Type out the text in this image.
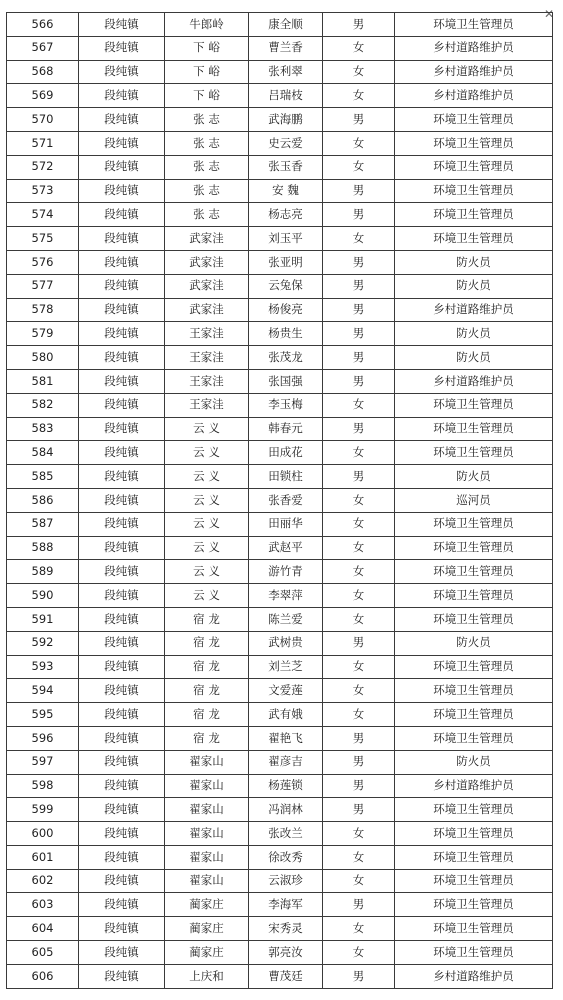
✕
566	段纯镇	牛郎岭	康全顺	男	环境卫生管理员
567	段纯镇	下 峪	曹兰香	女	乡村道路维护员
568	段纯镇	下 峪	张利翠	女	乡村道路维护员
569	段纯镇	下 峪	吕瑞枝	女	乡村道路维护员
570	段纯镇	张 志	武海鹏	男	环境卫生管理员
571	段纯镇	张 志	史云爱	女	环境卫生管理员
572	段纯镇	张 志	张玉香	女	环境卫生管理员
573	段纯镇	张 志	安 魏	男	环境卫生管理员
574	段纯镇	张 志	杨志亮	男	环境卫生管理员
575	段纯镇	武家洼	刘玉平	女	环境卫生管理员
576	段纯镇	武家洼	张亚明	男	防火员
577	段纯镇	武家洼	云兔保	男	防火员
578	段纯镇	武家洼	杨俊亮	男	乡村道路维护员
579	段纯镇	王家洼	杨贵生	男	防火员
580	段纯镇	王家洼	张茂龙	男	防火员
581	段纯镇	王家洼	张国强	男	乡村道路维护员
582	段纯镇	王家洼	李玉梅	女	环境卫生管理员
583	段纯镇	云 义	韩春元	男	环境卫生管理员
584	段纯镇	云 义	田成花	女	环境卫生管理员
585	段纯镇	云 义	田锁柱	男	防火员
586	段纯镇	云 义	张香爱	女	巡河员
587	段纯镇	云 义	田丽华	女	环境卫生管理员
588	段纯镇	云 义	武赵平	女	环境卫生管理员
589	段纯镇	云 义	游竹青	女	环境卫生管理员
590	段纯镇	云 义	李翠萍	女	环境卫生管理员
591	段纯镇	宿 龙	陈兰爱	女	环境卫生管理员
592	段纯镇	宿 龙	武树贵	男	防火员
593	段纯镇	宿 龙	刘兰芝	女	环境卫生管理员
594	段纯镇	宿 龙	文爱莲	女	环境卫生管理员
595	段纯镇	宿 龙	武有娥	女	环境卫生管理员
596	段纯镇	宿 龙	翟艳飞	男	环境卫生管理员
597	段纯镇	翟家山	翟彦吉	男	防火员
598	段纯镇	翟家山	杨莲锁	男	乡村道路维护员
599	段纯镇	翟家山	冯润林	男	环境卫生管理员
600	段纯镇	翟家山	张改兰	女	环境卫生管理员
601	段纯镇	翟家山	徐改秀	女	环境卫生管理员
602	段纯镇	翟家山	云淑珍	女	环境卫生管理员
603	段纯镇	蔺家庄	李海军	男	环境卫生管理员
604	段纯镇	蔺家庄	宋秀灵	女	环境卫生管理员
605	段纯镇	蔺家庄	郭亮汝	女	环境卫生管理员
606	段纯镇	上庆和	曹茂廷	男	乡村道路维护员
